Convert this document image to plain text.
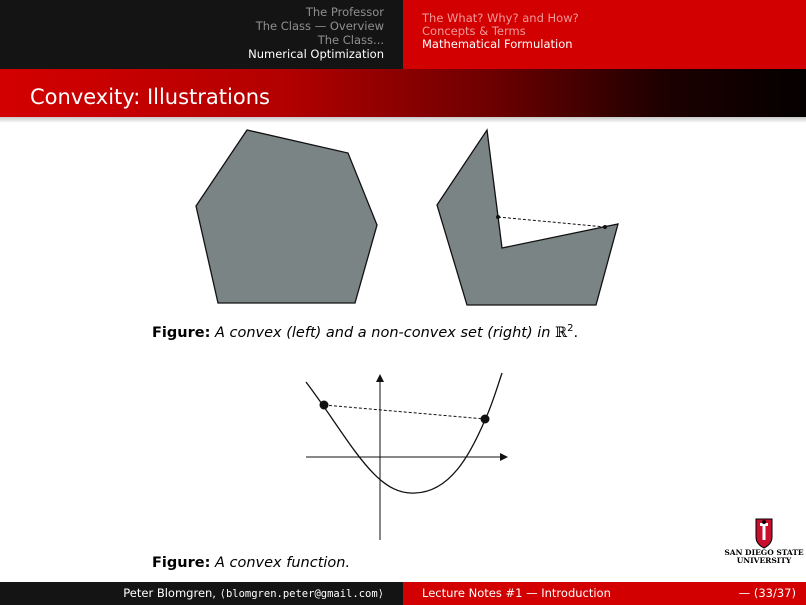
The Professor
The Class — Overview
The Class...
Numerical Optimization
The What? Why? and How?
Concepts & Terms
Mathematical Formulation
Convexity: Illustrations
Figure: A convex (left) and a non-convex set (right) in ℝ$^2$.
Figure: A convex function.
SAN DIEGO STATE
UNIVERSITY
Peter Blomgren, ⟨blomgren.peter@gmail.com⟩	Lecture Notes #1 — Introduction	— (33/37)
